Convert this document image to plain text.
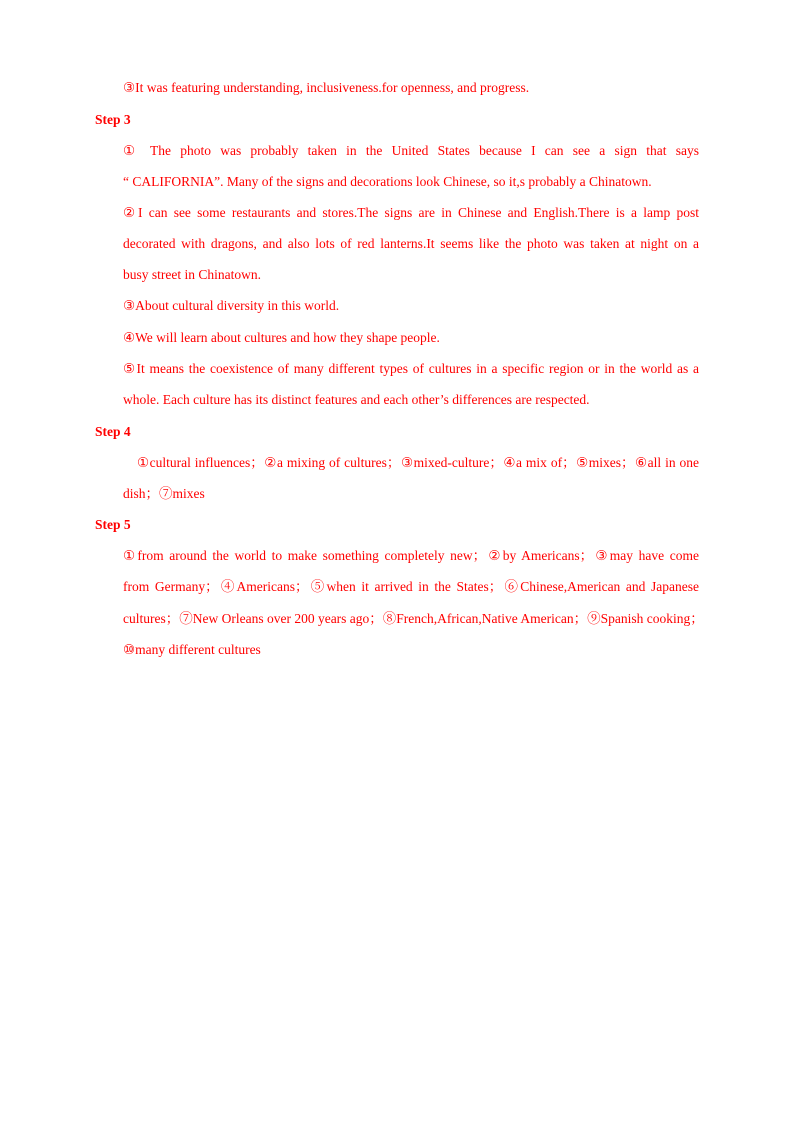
③It was featuring understanding, inclusiveness.for openness, and progress.
Step 3
① The photo was probably taken in the United States because I can see a sign that says
“ CALIFORNIA”. Many of the signs and decorations look Chinese, so it,s probably a Chinatown.
②I can see some restaurants and stores.The signs are in Chinese and English.There is a lamp post
decorated with dragons, and also lots of red lanterns.It seems like the photo was taken at night on a
busy street in Chinatown.
③About cultural diversity in this world.
④We will learn about cultures and how they shape people.
⑤It means the coexistence of many different types of cultures in a specific region or in the world as a
whole. Each culture has its distinct features and each other’s differences are respected.
Step 4
①cultural influences；②a mixing of cultures；③mixed-culture；④a mix of；⑤mixes；⑥all in one
dish；⑦mixes
Step 5
①from around the world to make something completely new；②by Americans；③may have come
from Germany；④Americans；⑤when it arrived in the States；⑥Chinese,American and Japanese
cultures；⑦New Orleans over 200 years ago；⑧French,African,Native American；⑨Spanish cooking；
⑩many different cultures
